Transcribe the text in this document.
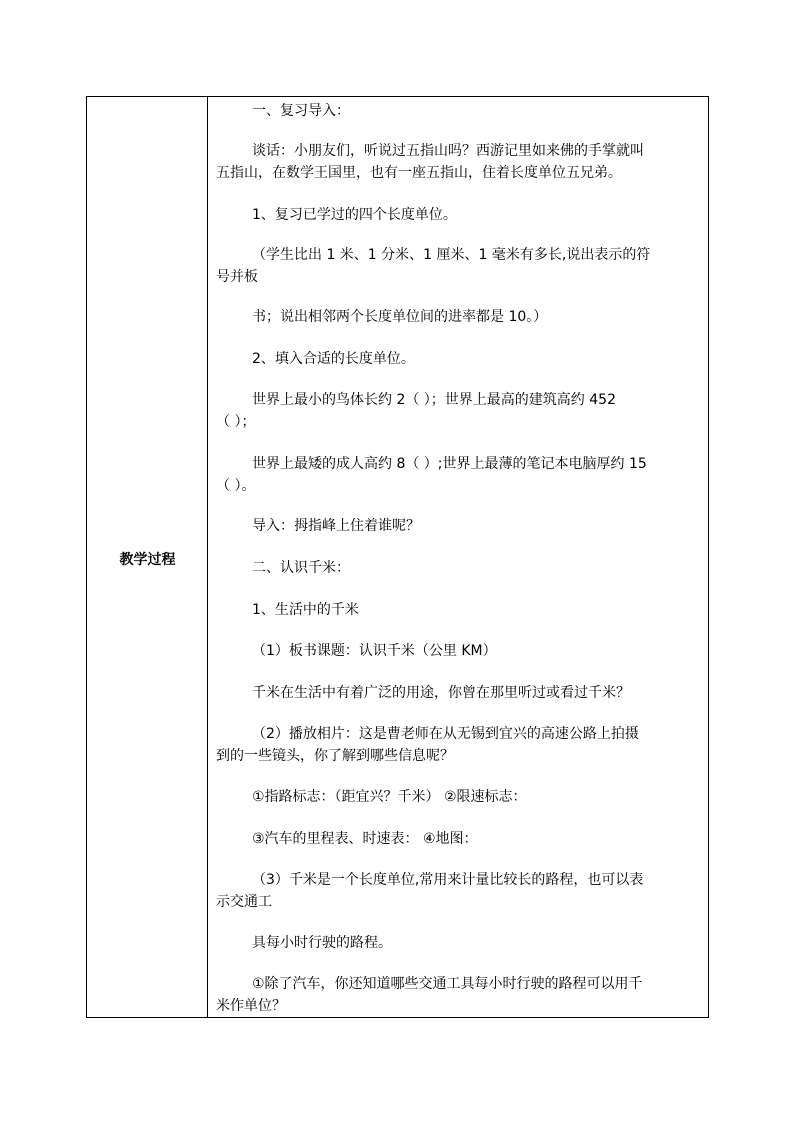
教学过程
一、复习导入：
谈话：小朋友们，听说过五指山吗？西游记里如来佛的手掌就叫
五指山，在数学王国里，也有一座五指山，住着长度单位五兄弟。
1、复习已学过的四个长度单位。
（学生比出 1 米、1 分米、1 厘米、1 毫米有多长,说出表示的符
号并板
书；说出相邻两个长度单位间的进率都是 10。）
2、填入合适的长度单位。
世界上最小的鸟体长约 2（ ）；世界上最高的建筑高约 452
（ ）；
世界上最矮的成人高约 8（ ）;世界上最薄的笔记本电脑厚约 15
（ ）。
导入：拇指峰上住着谁呢？
二、认识千米：
1、生活中的千米
（1）板书课题：认识千米（公里 KM）
千米在生活中有着广泛的用途，你曾在那里听过或看过千米？
（2）播放相片：这是曹老师在从无锡到宜兴的高速公路上拍摄
到的一些镜头，你了解到哪些信息呢？
①指路标志：（距宜兴？千米） ②限速标志：
③汽车的里程表、时速表： ④地图：
（3）千米是一个长度单位,常用来计量比较长的路程，也可以表
示交通工
具每小时行驶的路程。
①除了汽车，你还知道哪些交通工具每小时行驶的路程可以用千
米作单位？
